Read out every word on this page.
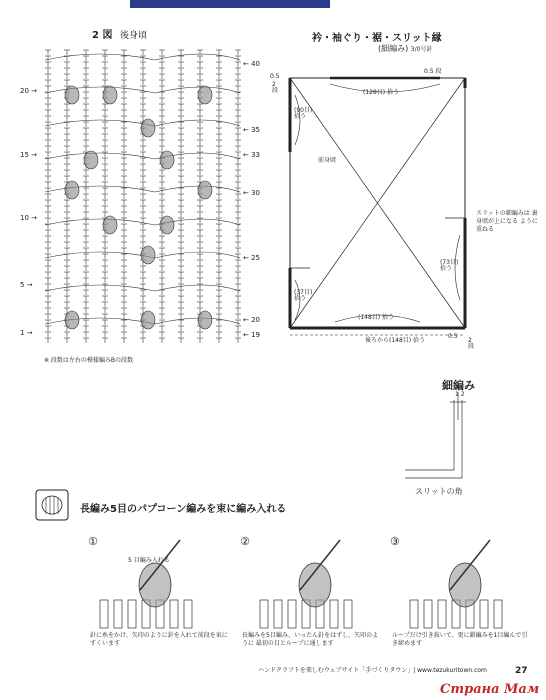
2 図 後身頃
20 →
15 →
10 →
5 →
1 →
← 40
← 35
← 33
← 30
← 25
← 20
← 19
※ 段数は左右の模様編みBの段数
衿・袖ぐり・裾・スリット縁
(細編み) 3/0号針
0.5
2 段
0.5 段
(128目) 拾う
(90目) 拾う
前身頃
スリットの細編みは 裏身頃が上になる ように重ねる
(73目) 拾う
(37目) 拾う
(148目) 拾う
後ろから(148目) 拾う
0.5
2 段
細編み
1 2
スリットの角
長編み5目のパプコーン編みを束に編み入れる
①
5 目編み入れる
針に糸をかけ、矢印のように針を入れて前段を束にすくいます
②
長編みを5目編み、いったん針をはずし、矢印のように 最初の目とループに通します
③
ループだけ引き抜いて、更に鎖編みを1目編んで引き締めます
ハンドクラフトを楽しむウェブサイト「手づくりタウン」| www.tezukuritown.com	27
Страна Мам
